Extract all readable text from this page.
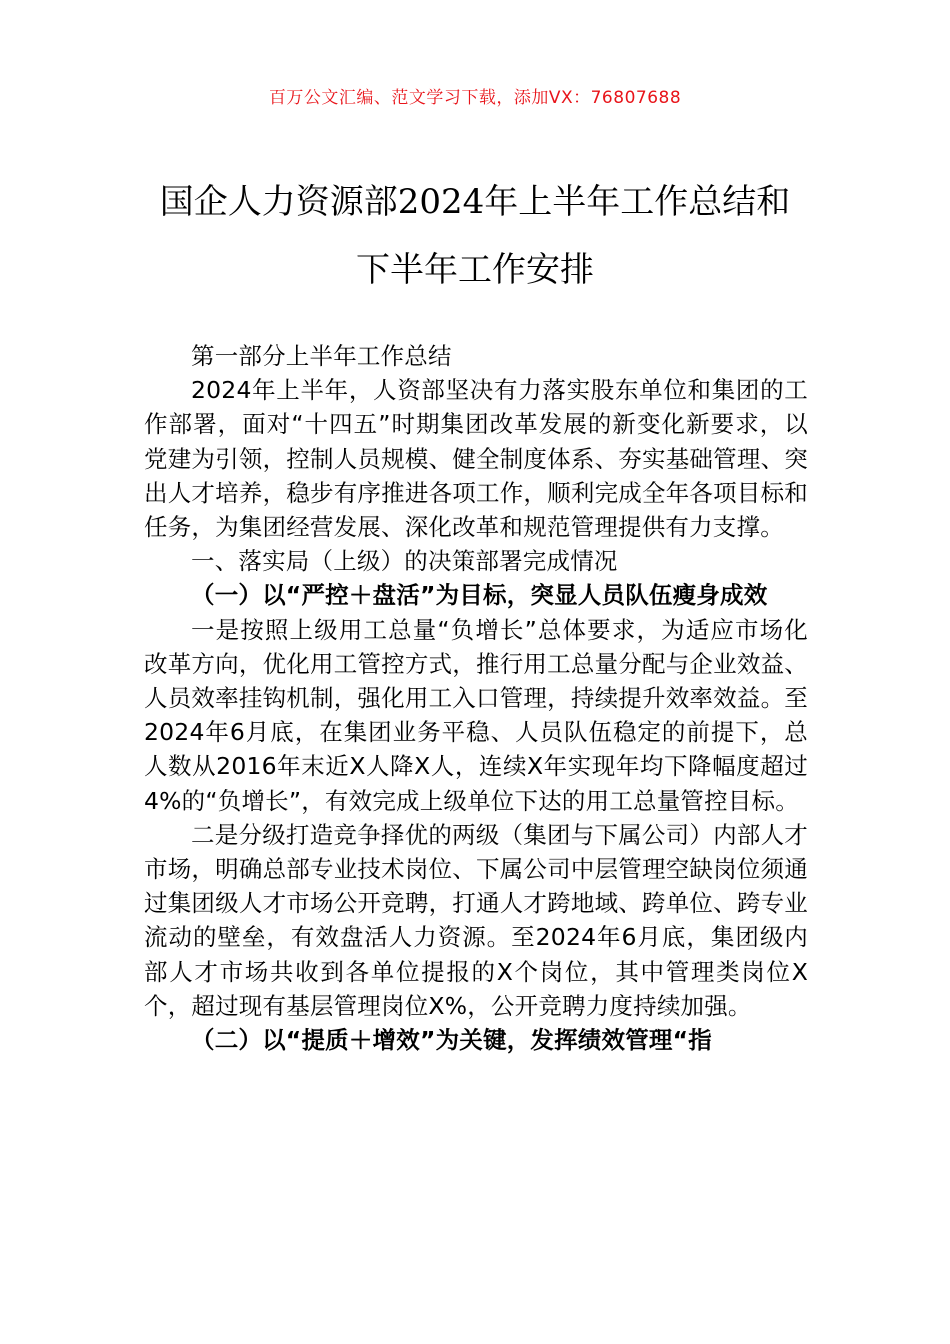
百万公文汇编、范文学习下载，添加VX：76807688
国企人力资源部2024年上半年工作总结和
下半年工作安排

第一部分上半年工作总结

2024年上半年，人资部坚决有力落实股东单位和集团的工作部署，面对“十四五”时期集团改革发展的新变化新要求，以党建为引领，控制人员规模、健全制度体系、夯实基础管理、突出人才培养，稳步有序推进各项工作，顺利完成全年各项目标和任务，为集团经营发展、深化改革和规范管理提供有力支撑。

一、落实局（上级）的决策部署完成情况

（一）以“严控＋盘活”为目标，突显人员队伍瘦身成效

一是按照上级用工总量“负增长”总体要求，为适应市场化改革方向，优化用工管控方式，推行用工总量分配与企业效益、人员效率挂钩机制，强化用工入口管理，持续提升效率效益。至2024年6月底，在集团业务平稳、人员队伍稳定的前提下，总人数从2016年末近X人降X人，连续X年实现年均下降幅度超过4%的“负增长”，有效完成上级单位下达的用工总量管控目标。

二是分级打造竞争择优的两级（集团与下属公司）内部人才市场，明确总部专业技术岗位、下属公司中层管理空缺岗位须通过集团级人才市场公开竞聘，打通人才跨地域、跨单位、跨专业流动的壁垒，有效盘活人力资源。至2024年6月底，集团级内部人才市场共收到各单位提报的X个岗位，其中管理类岗位X个，超过现有基层管理岗位X%，公开竞聘力度持续加强。

（二）以“提质＋增效”为关键，发挥绩效管理“指
